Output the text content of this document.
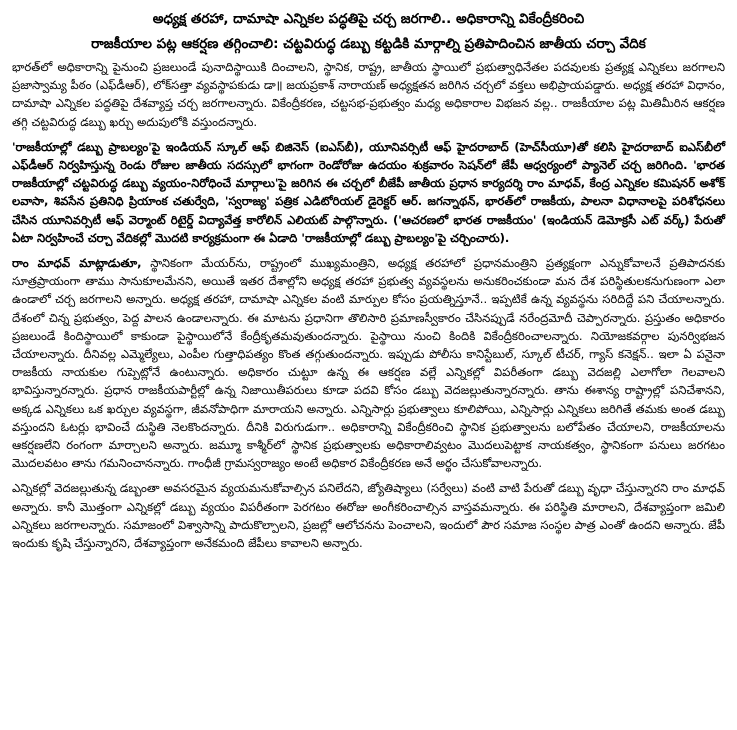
అధ్యక్ష తరహా, దామాషా ఎన్నికల పద్ధతిపై చర్చ జరగాలి.. అధికారాన్ని వికేంద్రీకరించి
రాజకీయాల పట్ల ఆకర్షణ తగ్గించాలి: చట్టవిరుద్ధ డబ్బు కట్టడికి మార్గాల్ని ప్రతిపాదించిన జాతీయ చర్చా వేదిక

భారత్‌లో అధికారాన్ని పైనుంచి ప్రజలుండే పునాదిస్థాయికి దించాలని, స్థానిక, రాష్ట్ర, జాతీయ స్థాయిలో ప్రభుత్వాధినేతల పదవులకు ప్రత్యక్ష ఎన్నికలు జరగాలని ప్రజాస్వామ్య పీఠం (ఎఫ్‌డీఆర్), లోక్‌సత్తా వ్యవస్థాపకుడు డా॥ జయప్రకాశ్ నారాయణ్ అధ్యక్షతన జరిగిన చర్చలో వక్తలు అభిప్రాయపడ్డారు. అధ్యక్ష తరహా విధానం, దామాషా ఎన్నికల పద్ధతిపై దేశవ్యాప్త చర్చ జరగాలన్నారు. వికేంద్రీకరణ, చట్టసభ-ప్రభుత్వం మధ్య అధికారాల విభజన వల్ల.. రాజకీయాల పట్ల మితిమీరిన ఆకర్షణ తగ్గి చట్టవిరుద్ధ డబ్బు ఖర్చు అదుపులోకి వస్తుందన్నారు.

'రాజకీయాల్లో డబ్బు ప్రాబల్యం'పై ఇండియన్ స్కూల్ ఆఫ్ బిజినెస్ (ఐఎస్‌బీ), యూనివర్సిటీ ఆఫ్ హైదరాబాద్ (హెచ్‌సీయూ)తో కలిసి హైదరాబాద్ ఐఎస్‌బీలో ఎఫ్‌డీఆర్ నిర్వహిస్తున్న రెండు రోజుల జాతీయ సదస్సులో భాగంగా రెండోరోజు ఉదయం శుక్రవారం సెషన్‌లో జేపీ ఆధ్వర్యంలో ప్యానెల్ చర్చ జరిగింది. 'భారత రాజకీయాల్లో చట్టవిరుద్ధ డబ్బు వ్యయం-నిరోధించే మార్గాలు'పై జరిగిన ఈ చర్చలో బీజేపీ జాతీయ ప్రధాన కార్యదర్శి రాం మాధవ్, కేంద్ర ఎన్నికల కమిషనర్ అశోక్ లవాసా, శివసేన ప్రతినిధి ప్రియాంక చతుర్వేది, 'స్వరాజ్య' పత్రిక ఎడిటోరియల్ డైరెక్టర్ ఆర్. జగన్నాథన్, భారత్‌లో రాజకీయ, పాలనా విధానాలపై పరిశోధనలు చేసిన యూనివర్సిటీ ఆఫ్ వెర్మాంట్ రిటైర్డ్ విద్యావేత్త కారోలిన్ ఎలియట్ పాల్గొన్నారు. ('ఆచరణలో భారత రాజకీయం' (ఇండియన్ డెమోక్రసీ ఎట్ వర్క్) పేరుతో ఏటా నిర్వహించే చర్చా వేదికల్లో మొదటి కార్యక్రమంగా ఈ ఏడాది 'రాజకీయాల్లో డబ్బు ప్రాబల్యం'పై చర్చించారు).

రాం మాధవ్ మాట్లాడుతూ, స్థానికంగా మేయర్‌ను, రాష్ట్రంలో ముఖ్యమంత్రిని, అధ్యక్ష తరహాలో ప్రధానమంత్రిని ప్రత్యక్షంగా ఎన్నుకోవాలనే ప్రతిపాదనకు సూత్రప్రాయంగా తాము సానుకూలమేనని, అయితే ఇతర దేశాల్లోని అధ్యక్ష తరహా ప్రభుత్వ వ్యవస్థలను అనుకరించకుండా మన దేశ పరిస్థితులకనుగుణంగా ఎలా ఉండాలో చర్చ జరగాలని అన్నారు. అధ్యక్ష తరహా, దామాషా ఎన్నికల వంటి మార్పుల కోసం ప్రయత్నిస్తూనే.. ఇప్పటికే ఉన్న వ్యవస్థను సరిదిద్దే పని చేయాలన్నారు. దేశంలో చిన్న ప్రభుత్వం, పెద్ద పాలన ఉండాలన్నారు. ఈ మాటను ప్రధానిగా తొలిసారి ప్రమాణస్వీకారం చేసినప్పుడే నరేంద్రమోదీ చెప్పారన్నారు. ప్రస్తుతం అధికారం ప్రజలుండే కిందిస్థాయిలో కాకుండా పైస్థాయిలోనే కేంద్రీకృతమవుతుందన్నారు. పైస్థాయి నుంచి కిందికి వికేంద్రీకరించాలన్నారు. నియోజకవర్గాల పునర్విభజన చేయాలన్నారు. దీనివల్ల ఎమ్మెల్యేలు, ఎంపీల గుత్తాధిపత్యం కొంత తగ్గుతుందన్నారు. ఇప్పుడు పోలీసు కానిస్టేబుల్, స్కూల్ టీచర్, గ్యాస్ కనెక్షన్.. ఇలా ఏ పనైనా రాజకీయ నాయకుల గుప్పెట్లోనే ఉంటున్నారు. అధికారం చుట్టూ ఉన్న ఈ ఆకర్షణ వల్లే ఎన్నికల్లో విపరీతంగా డబ్బు వెదజల్లి ఎలాగోలా గెలవాలని భావిస్తున్నారన్నారు. ప్రధాన రాజకీయపార్టీల్లో ఉన్న నిజాయితీపరులు కూడా పదవి కోసం డబ్బు వెదజల్లుతున్నారన్నారు. తాను ఈశాన్య రాష్ట్రాల్లో పనిచేశానని, అక్కడ ఎన్నికలు ఒక ఖర్చుల వ్యవస్థగా, జీవనోపాధిగా మారాయని అన్నారు. ఎన్నిసార్లు ప్రభుత్వాలు కూలిపోయి, ఎన్నిసార్లు ఎన్నికలు జరిగితే తమకు అంత డబ్బు వస్తుందని ఓటర్లు భావించే దుస్థితి నెలకొందన్నారు. దీనికి విరుగుడుగా.. అధికారాన్ని వికేంద్రీకరించి స్థానిక ప్రభుత్వాలను బలోపేతం చేయాలని, రాజకీయాలను ఆకర్షణలేని రంగంగా మార్చాలని అన్నారు. జమ్మూ కాశ్మీర్‌లో స్థానిక ప్రభుత్వాలకు అధికారాలివ్వటం మొదలుపెట్టాక నాయకత్వం, స్థానికంగా పనులు జరగటం మొదలవటం తాను గమనించానన్నారు. గాంధీజీ గ్రామస్వరాజ్యం అంటే అధికార వికేంద్రీకరణ అనే అర్థం చేసుకోవాలన్నారు.

ఎన్నికల్లో వెదజల్లుతున్న డబ్బంతా అవసరమైన వ్యయమనుకోవాల్సిన పనిలేదని, జ్యోతిష్యాలు (సర్వేలు) వంటి వాటి పేరుతో డబ్బు వృధా చేస్తున్నారని రాం మాధవ్ అన్నారు. కానీ మొత్తంగా ఎన్నికల్లో డబ్బు వ్యయం విపరీతంగా పెరగటం ఈరోజు అంగీకరించాల్సిన వాస్తవమన్నారు. ఈ పరిస్థితి మారాలని, దేశవ్యాప్తంగా జమిలి ఎన్నికలు జరగాలన్నారు. సమాజంలో విశ్వాసాన్ని పాదుకొల్పాలని, ప్రజల్లో ఆలోచనను పెంచాలని, ఇందులో పౌర సమాజ సంస్థల పాత్ర ఎంతో ఉందని అన్నారు. జేపీ ఇందుకు కృషి చేస్తున్నారని, దేశవ్యాప్తంగా అనేకమంది జేపీలు కావాలని అన్నారు.
